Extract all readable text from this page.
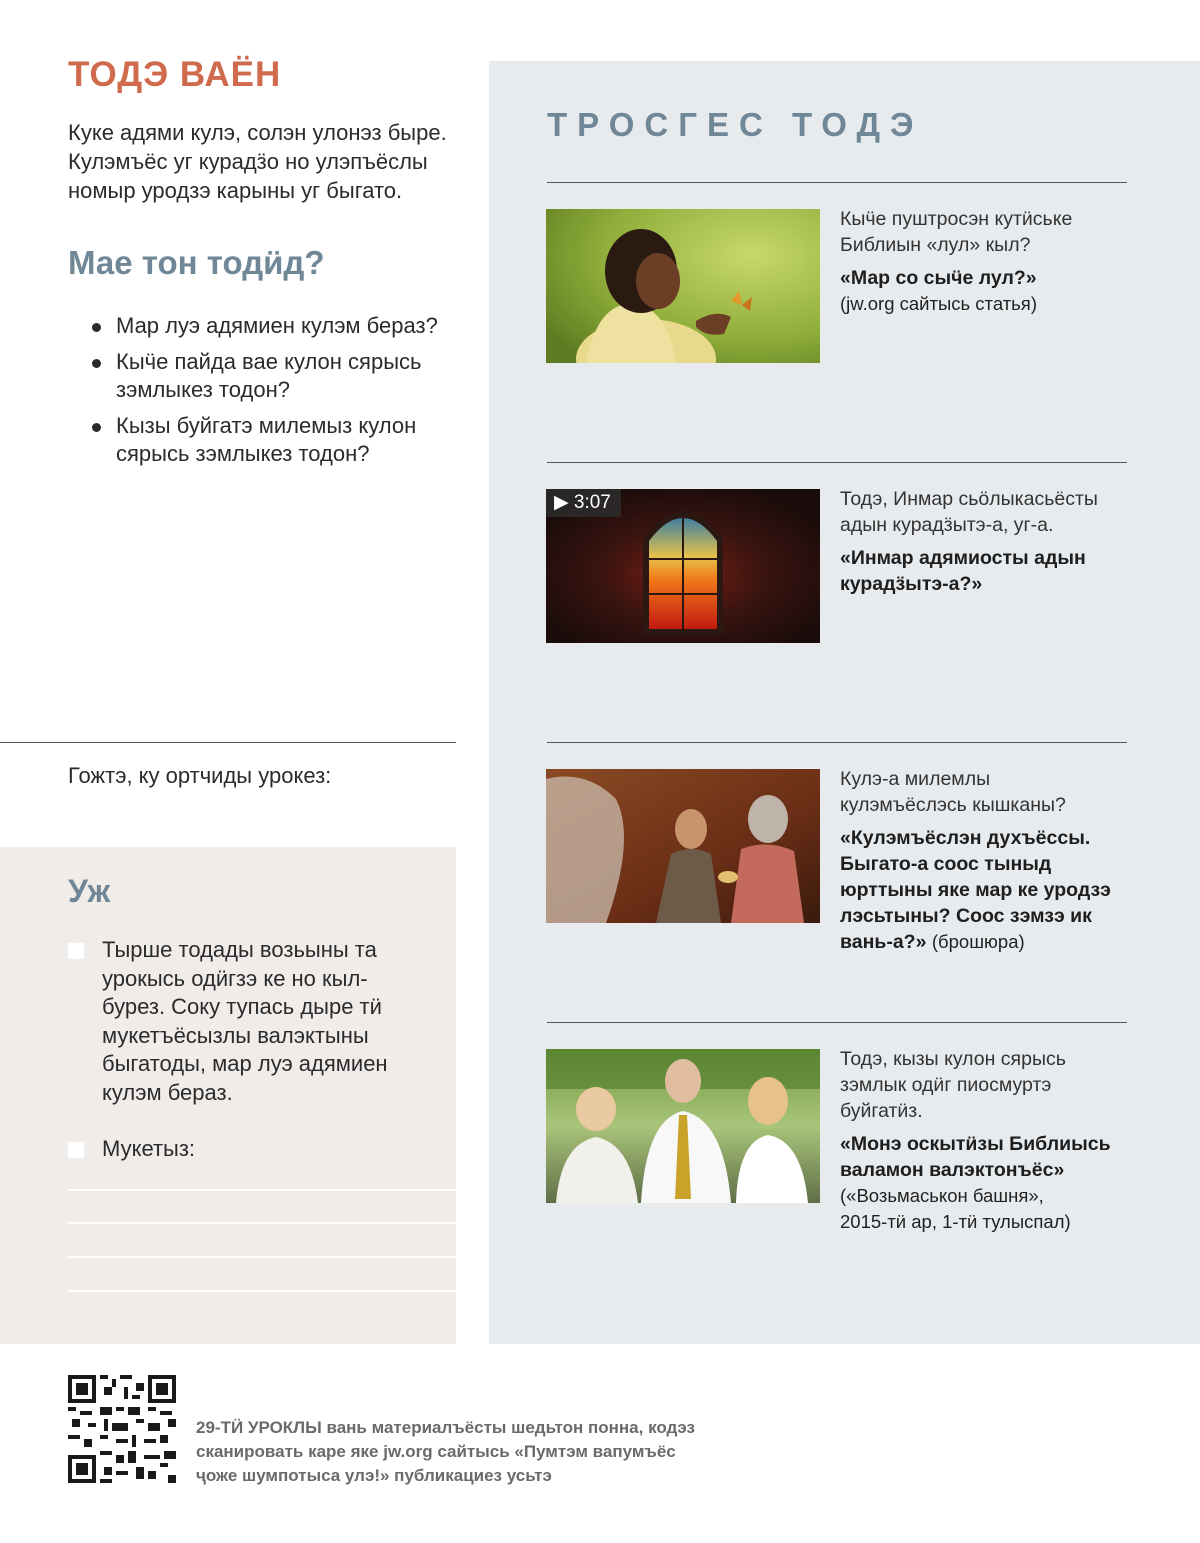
ТОДЭ ВАЁН
Куке адями кулэ, солэн улонэз быре. Кулэмъёс уг курадӟо но улэпъёслы номыр уродзэ карыны уг быгато.
Мае тон тодӥд?
Мар луэ адямиен кулэм бераз?
Кыӵе пайда вае кулон сярысь зэмлыкез тодон?
Кызы буйгатэ милемыз кулон сярысь зэмлыкез тодон?
Гожтэ, ку ортчиды урокез:
Уж
Тырше тодады возьыны та урокысь одӥгзэ ке но кыл-бурез. Соку тупась дыре тӥ мукетъёсызлы валэктыны быгатоды, мар луэ адямиен кулэм бераз.
Мукетыз:
ТРОСГЕС ТОДЭ
Кыӵе пуштросэн кутӥське Библиын «лул» кыл?
«Мар со сыӵе лул?»
(jw.org сайтысь статья)
▶ 3:07	Тодэ, Инмар сьӧлыкасьёсты адын курадӟытэ-а, уг-а.
«Инмар адямиосты адын курадӟытэ-а?»
Кулэ-а милемлы кулэмъёслэсь кышканы?
«Кулэмъёслэн духъёссы. Быгато-а соос тыныд юрттыны яке мар ке уродзэ лэсьтыны? Соос зэмзэ ик вань-а?» (брошюра)
Тодэ, кызы кулон сярысь зэмлык одӥг пиосмуртэ буйгатӥз.
«Монэ оскытӥзы Библиысь валамон валэктонъёс»
(«Возьмаськон башня», 2015-тӥ ар, 1-тӥ тулыспал)
29-ТӤ УРОКЛЫ вань материалъёсты шедьтон понна, кодэз сканировать каре яке jw.org сайтысь «Пумтэм вапумъёс ҷоже шумпотыса улэ!» публикациез усьтэ
